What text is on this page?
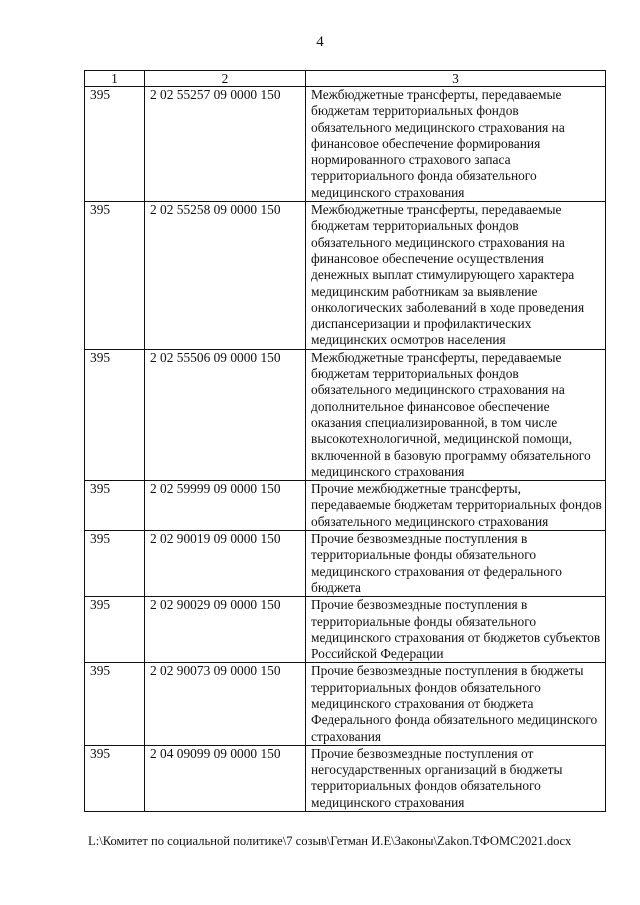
4
1	2	3
395	2 02 55257 09 0000 150	Межбюджетные трансферты, передаваемые бюджетам территориальных фондов обязательного медицинского страхования на финансовое обеспечение формирования нормированного страхового запаса территориального фонда обязательного медицинского страхования
395	2 02 55258 09 0000 150	Межбюджетные трансферты, передаваемые бюджетам территориальных фондов обязательного медицинского страхования на финансовое обеспечение осуществления денежных выплат стимулирующего характера медицинским работникам за выявление онкологических заболеваний в ходе проведения диспансеризации и профилактических медицинских осмотров населения
395	2 02 55506 09 0000 150	Межбюджетные трансферты, передаваемые бюджетам территориальных фондов обязательного медицинского страхования на дополнительное финансовое обеспечение оказания специализированной, в том числе высокотехнологичной, медицинской помощи, включенной в базовую программу обязательного медицинского страхования
395	2 02 59999 09 0000 150	Прочие межбюджетные трансферты, передаваемые бюджетам территориальных фондов обязательного медицинского страхования
395	2 02 90019 09 0000 150	Прочие безвозмездные поступления в территориальные фонды обязательного медицинского страхования от федерального бюджета
395	2 02 90029 09 0000 150	Прочие безвозмездные поступления в территориальные фонды обязательного медицинского страхования от бюджетов субъектов Российской Федерации
395	2 02 90073 09 0000 150	Прочие безвозмездные поступления в бюджеты территориальных фондов обязательного медицинского страхования от бюджета Федерального фонда обязательного медицинского страхования
395	2 04 09099 09 0000 150	Прочие безвозмездные поступления от негосударственных организаций в бюджеты территориальных фондов обязательного медицинского страхования
L:\Комитет по социальной политике\7 созыв\Гетман И.Е\Законы\Zakon.ТФОМС2021.docx
